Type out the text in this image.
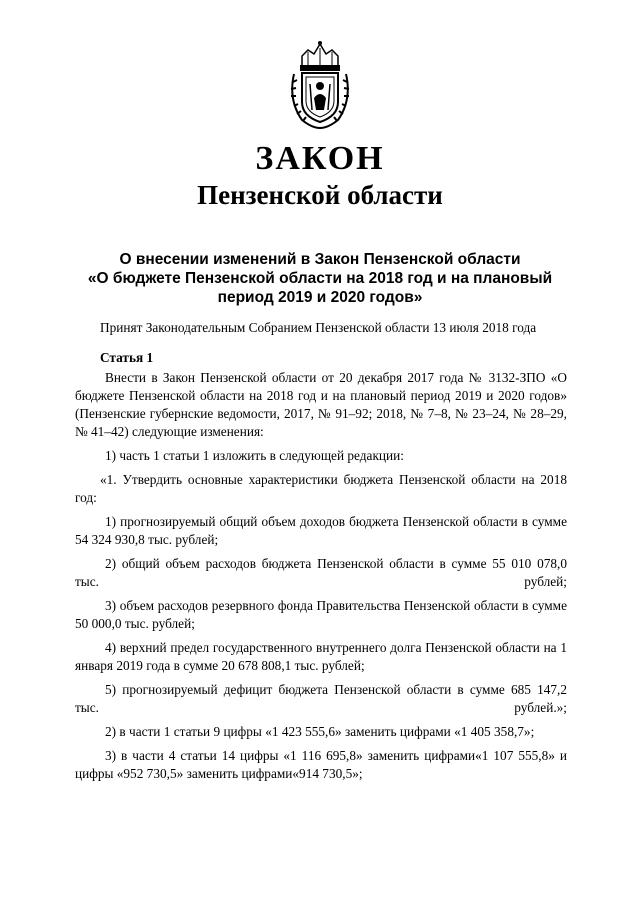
ЗАКОН
Пензенской области
О внесении изменений в Закон Пензенской области
«О бюджете Пензенской области на 2018 год и на плановый
период 2019 и 2020 годов»

Принят Законодательным Собранием Пензенской области 13 июля 2018 года

Статья 1

Внести в Закон Пензенской области от 20 декабря 2017 года № 3132-ЗПО «О бюджете Пензенской области на 2018 год и на плановый период 2019 и 2020 годов» (Пензенские губернские ведомости, 2017, № 91–92; 2018, № 7–8, № 23–24, № 28–29, № 41–42) следующие изменения:

1) часть 1 статьи 1 изложить в следующей редакции:

«1. Утвердить основные характеристики бюджета Пензенской области на 2018 год:

1) прогнозируемый общий объем доходов бюджета Пензенской области в сумме 54 324 930,8 тыс. рублей;

2) общий объем расходов бюджета Пензенской области в сумме 55 010 078,0 тыс. рублей;

3) объем расходов резервного фонда Правительства Пензенской области в сумме 50 000,0 тыс. рублей;

4) верхний предел государственного внутреннего долга Пензенской области на 1 января 2019 года в сумме 20 678 808,1 тыс. рублей;

5) прогнозируемый дефицит бюджета Пензенской области в сумме 685 147,2 тыс. рублей.»;

2) в части 1 статьи 9 цифры «1 423 555,6» заменить цифрами «1 405 358,7»;

3) в части 4 статьи 14 цифры «1 116 695,8» заменить цифрами«1 107 555,8» и цифры «952 730,5» заменить цифрами«914 730,5»;
